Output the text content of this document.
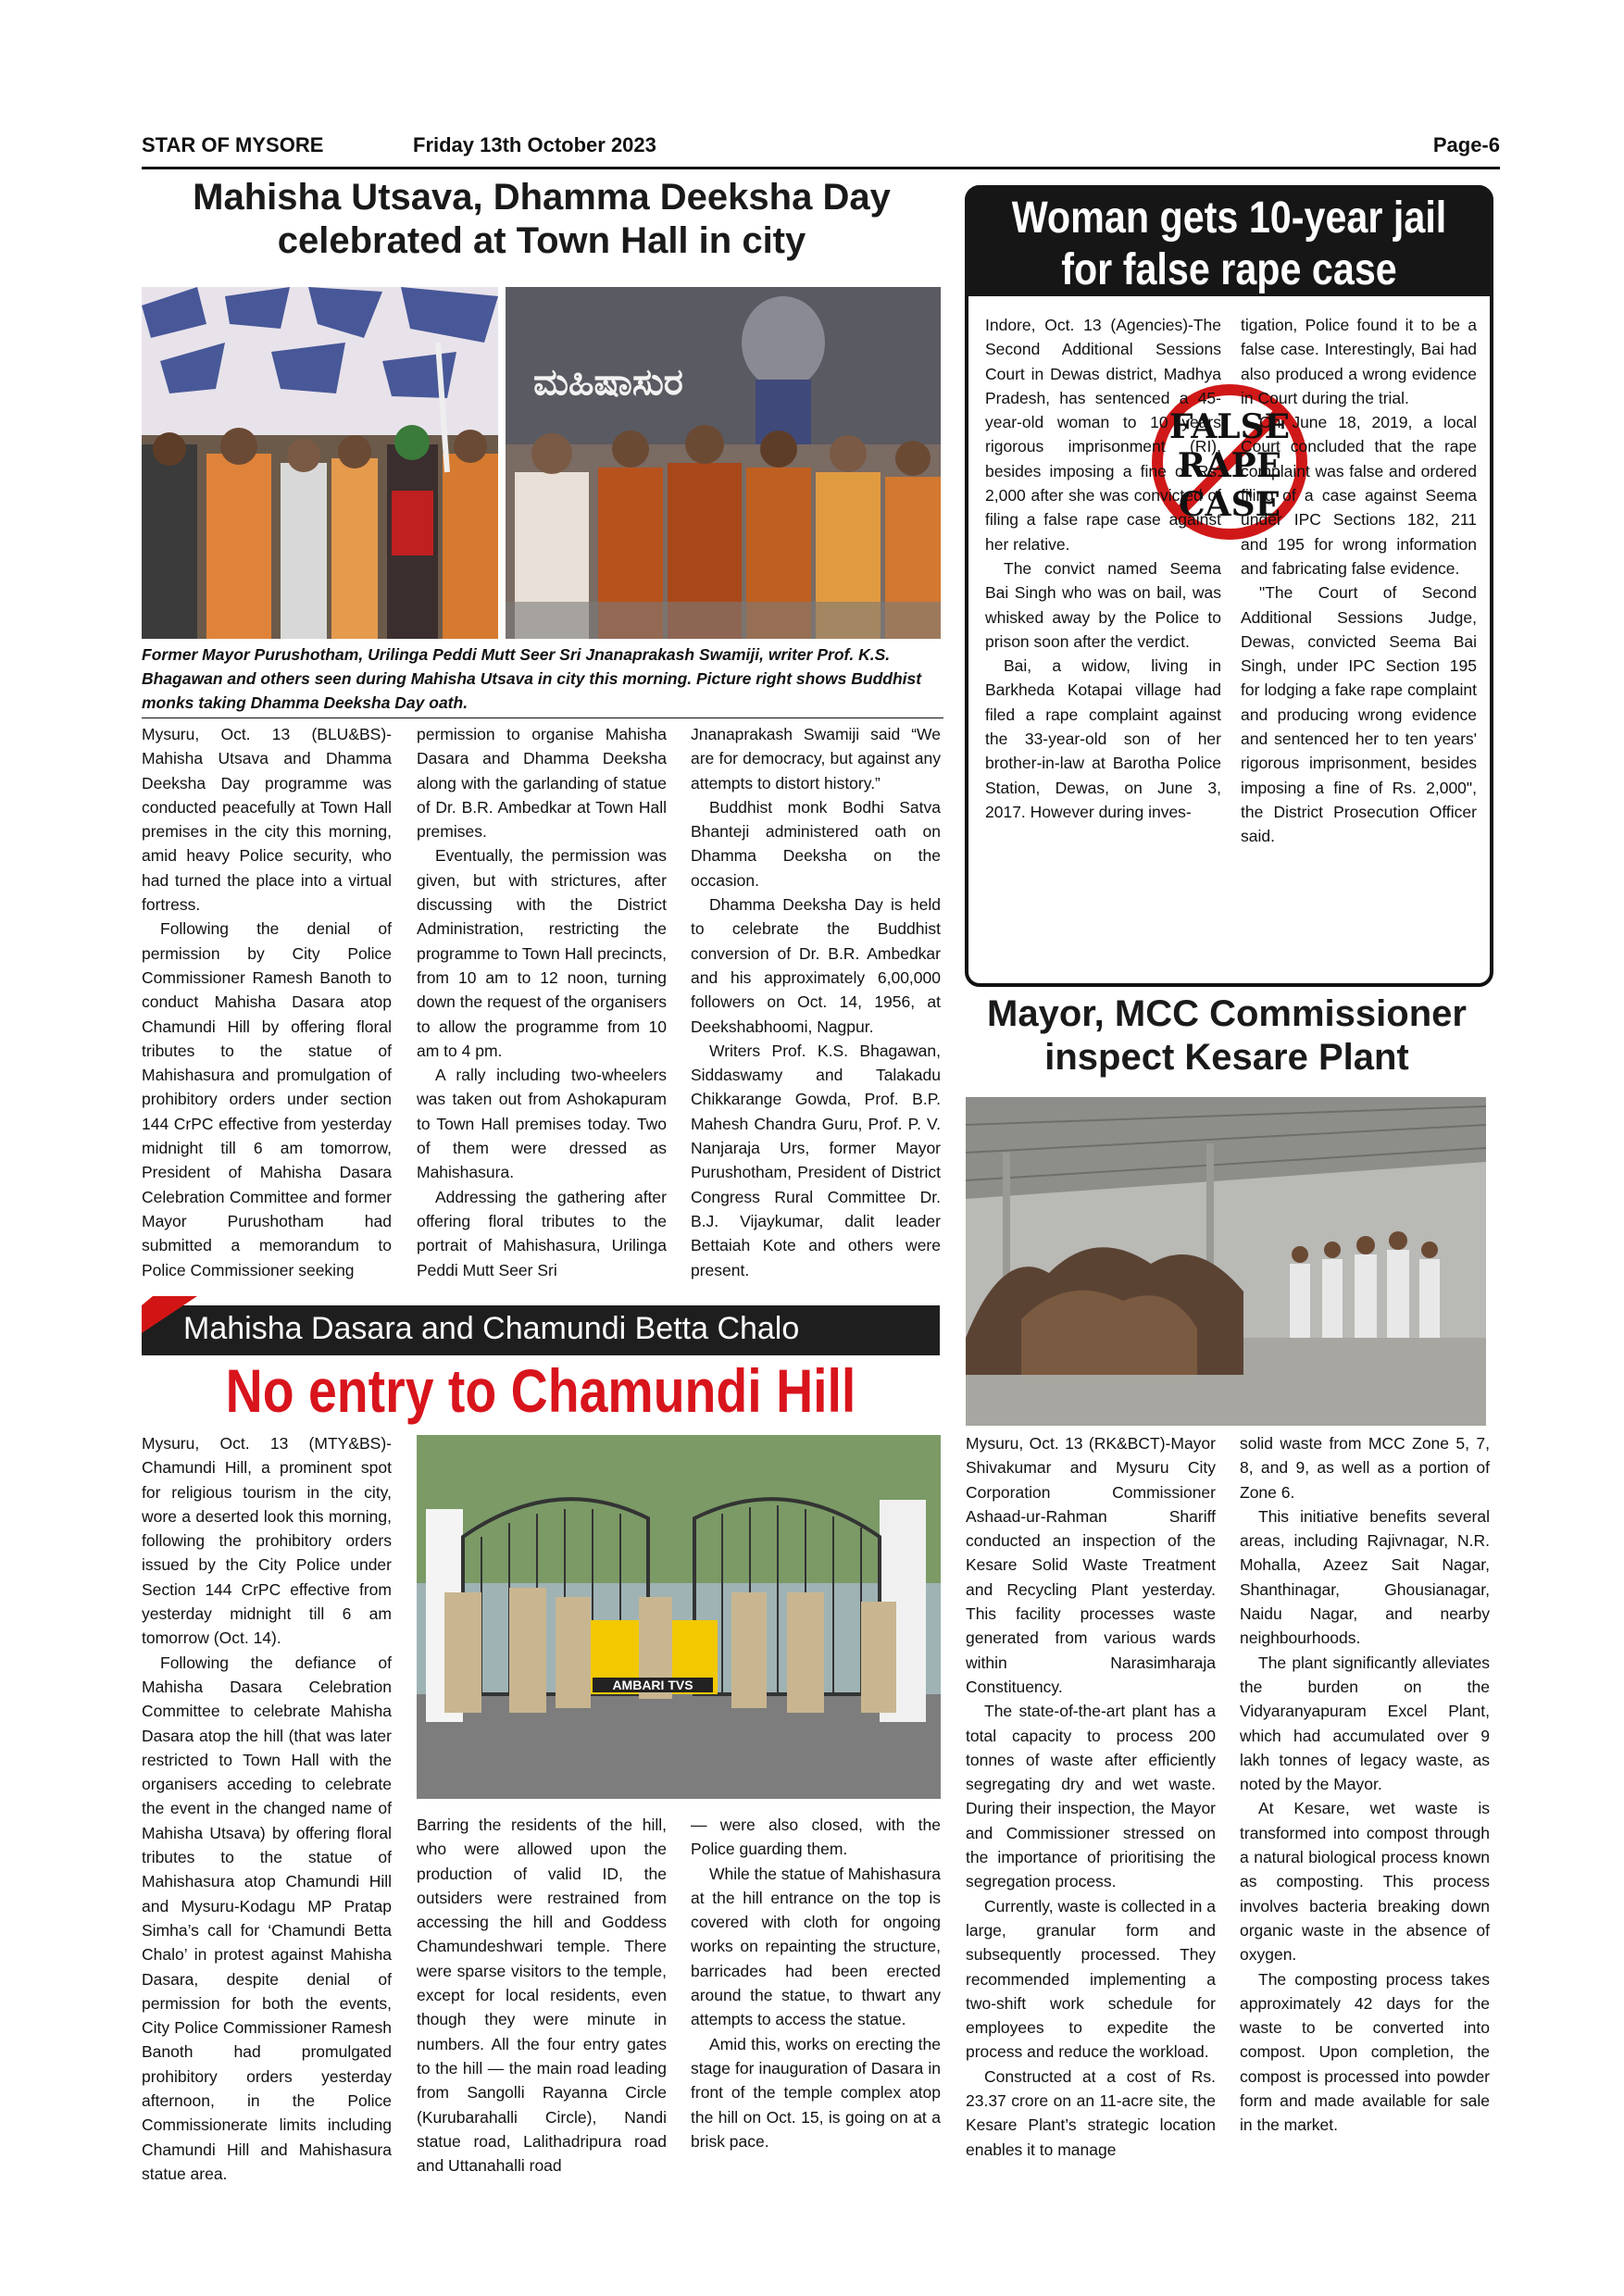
STAR OF MYSORE	Friday 13th October 2023	Page-6
Mahisha Utsava, Dhamma Deeksha Day
celebrated at Town Hall in city
ಮಹಿಷಾಸುರ
Former Mayor Purushotham, Urilinga Peddi Mutt Seer Sri Jnanaprakash Swamiji, writer Prof. K.S. Bhagawan and others seen during Mahisha Utsava in city this morning. Picture right shows Buddhist monks taking Dhamma Deeksha Day oath.

Mysuru, Oct. 13 (BLU&BS)-Mahisha Utsava and Dhamma Deeksha Day programme was conducted peacefully at Town Hall premises in the city this morning, amid heavy Police security, who had turned the place into a virtual fortress.

Following the denial of permission by City Police Commissioner Ramesh Banoth to conduct Mahisha Dasara atop Chamundi Hill by offering floral tributes to the statue of Mahishasura and promulgation of prohibitory orders under section 144 CrPC effective from yesterday midnight till 6 am tomorrow, President of Mahisha Dasara Celebration Committee and former Mayor Purushotham had submitted a memorandum to Police Commissioner seeking

permission to organise Mahisha Dasara and Dhamma Deeksha along with the garlanding of statue of Dr. B.R. Ambedkar at Town Hall premises.

Eventually, the permission was given, but with strictures, after discussing with the District Administration, restricting the programme to Town Hall precincts, from 10 am to 12 noon, turning down the request of the organisers to allow the programme from 10 am to 4 pm.

A rally including two-wheelers was taken out from Ashokapuram to Town Hall premises today. Two of them were dressed as Mahishasura.

Addressing the gathering after offering floral tributes to the portrait of Mahishasura, Urilinga Peddi Mutt Seer Sri

Jnanaprakash Swamiji said “We are for democracy, but against any attempts to distort history.”

Buddhist monk Bodhi Satva Bhanteji administered oath on Dhamma Deeksha on the occasion.

Dhamma Deeksha Day is held to celebrate the Buddhist conversion of Dr. B.R. Ambedkar and his approximately 6,00,000 followers on Oct. 14, 1956, at Deekshabhoomi, Nagpur.

Writers Prof. K.S. Bhagawan, Siddaswamy and Talakadu Chikkarange Gowda, Prof. B.P. Mahesh Chandra Guru, Prof. P. V. Nanjaraja Urs, former Mayor Purushotham, President of District Congress Rural Committee Dr. B.J. Vijaykumar, dalit leader Bettaiah Kote and others were present.

Woman gets 10-year jail
for false rape case
FALSE
RAPE
CASE

Indore, Oct. 13 (Agencies)-The Second Additional Sessions Court in Dewas district, Madhya Pradesh, has sentenced a 45-year-old woman to 10 years rigorous imprisonment (RI), besides imposing a fine of Rs. 2,000 after she was convicted of filing a false rape case against her relative.

The convict named Seema Bai Singh who was on bail, was whisked away by the Police to prison soon after the verdict.

Bai, a widow, living in Barkheda Kotapai village had filed a rape complaint against the 33-year-old son of her brother-in-law at Barotha Police Station, Dewas, on June 3, 2017. However during inves-

tigation, Police found it to be a false case. Interestingly, Bai had also produced a wrong evidence in Court during the trial.

On June 18, 2019, a local Court concluded that the rape complaint was false and ordered filing of a case against Seema under IPC Sections 182, 211 and 195 for wrong information and fabricating false evidence.

"The Court of Second Additional Sessions Judge, Dewas, convicted Seema Bai Singh, under IPC Section 195 for lodging a fake rape complaint and producing wrong evidence and sentenced her to ten years' rigorous imprisonment, besides imposing a fine of Rs. 2,000", the District Prosecution Officer said.

Mahisha Dasara and Chamundi Betta Chalo
No entry to Chamundi Hill
AMBARI TVS

Mysuru, Oct. 13 (MTY&BS)-Chamundi Hill, a prominent spot for religious tourism in the city, wore a deserted look this morning, following the prohibitory orders issued by the City Police under Section 144 CrPC effective from yesterday midnight till 6 am tomorrow (Oct. 14).

Following the defiance of Mahisha Dasara Celebration Committee to celebrate Mahisha Dasara atop the hill (that was later restricted to Town Hall with the organisers acceding to celebrate the event in the changed name of Mahisha Utsava) by offering floral tributes to the statue of Mahishasura atop Chamundi Hill and Mysuru-Kodagu MP Pratap Simha’s call for ‘Chamundi Betta Chalo’ in protest against Mahisha Dasara, despite denial of permission for both the events, City Police Commissioner Ramesh Banoth had promulgated prohibitory orders yesterday afternoon, in the Police Commissionerate limits including Chamundi Hill and Mahishasura statue area.

Barring the residents of the hill, who were allowed upon the production of valid ID, the outsiders were restrained from accessing the hill and Goddess Chamundeshwari temple. There were sparse visitors to the temple, except for local residents, even though they were minute in numbers. All the four entry gates to the hill — the main road leading from Sangolli Rayanna Circle (Kurubarahalli Circle), Nandi statue road, Lalithadripura road and Uttanahalli road

— were also closed, with the Police guarding them.

While the statue of Mahishasura at the hill entrance on the top is covered with cloth for ongoing works on repainting the structure, barricades had been erected around the statue, to thwart any attempts to access the statue.

Amid this, works on erecting the stage for inauguration of Dasara in front of the temple complex atop the hill on Oct. 15, is going on at a brisk pace.

Mayor, MCC Commissioner
inspect Kesare Plant

Mysuru, Oct. 13 (RK&BCT)-Mayor Shivakumar and Mysuru City Corporation Commissioner Ashaad-ur-Rahman Shariff conducted an inspection of the Kesare Solid Waste Treatment and Recycling Plant yesterday. This facility processes waste generated from various wards within Narasimharaja Constituency.

The state-of-the-art plant has a total capacity to process 200 tonnes of waste after efficiently segregating dry and wet waste. During their inspection, the Mayor and Commissioner stressed on the importance of prioritising the segregation process.

Currently, waste is collected in a large, granular form and subsequently processed. They recommended implementing a two-shift work schedule for employees to expedite the process and reduce the workload.

Constructed at a cost of Rs. 23.37 crore on an 11-acre site, the Kesare Plant’s strategic location enables it to manage

solid waste from MCC Zone 5, 7, 8, and 9, as well as a portion of Zone 6.

This initiative benefits several areas, including Rajivnagar, N.R. Mohalla, Azeez Sait Nagar, Shanthinagar, Ghousianagar, Naidu Nagar, and nearby neighbourhoods.

The plant significantly alleviates the burden on the Vidyaranyapuram Excel Plant, which had accumulated over 9 lakh tonnes of legacy waste, as noted by the Mayor.

At Kesare, wet waste is transformed into compost through a natural biological process known as composting. This process involves bacteria breaking down organic waste in the absence of oxygen.

The composting process takes approximately 42 days for the waste to be converted into compost. Upon completion, the compost is processed into powder form and made available for sale in the market.
